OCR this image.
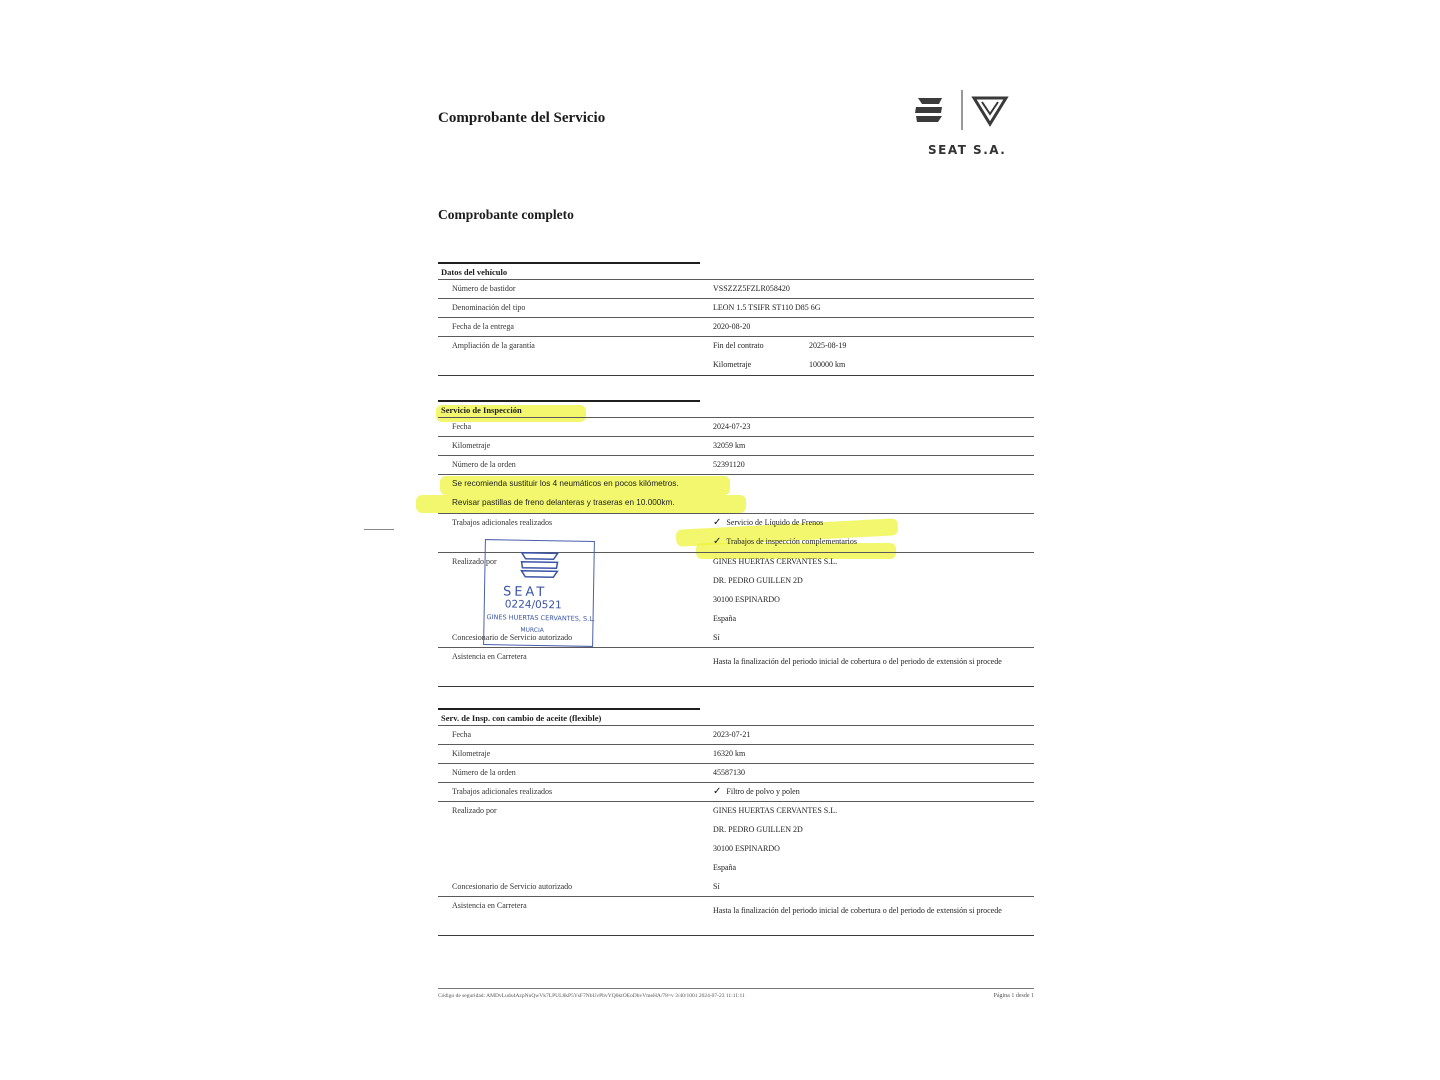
Comprobante del Servicio
SEAT S.A.
Comprobante completo
Datos del vehículo
Número de bastidor	VSSZZZ5FZLR058420
Denominación del tipo	LEON 1.5 TSIFR ST110 D85 6G
Fecha de la entrega	2020-08-20
Ampliación de la garantía	Fin del contrato	2025-08-19
Kilometraje	100000 km
Servicio de Inspección
Fecha	2024-07-23
Kilometraje	32059 km
Número de la orden	52391120
Se recomienda sustituir los 4 neumáticos en pocos kilómetros.
Revisar pastillas de freno delanteras y traseras en 10.000km.
Trabajos adicionales realizados	✓ Servicio de Líquido de Frenos
✓ Trabajos de inspección complementarios
Realizado por	GINES HUERTAS CERVANTES S.L.
DR. PEDRO GUILLEN 2D
30100 ESPINARDO
España
Concesionario de Servicio autorizado	Sí
Asistencia en Carretera
Hasta la finalización del periodo inicial de cobertura o del periodo de extensión si procede
SEAT
0224/0521
GINES HUERTAS CERVANTES, S.L.
MURCIA
Serv. de Insp. con cambio de aceite (flexible)
Fecha	2023-07-21
Kilometraje	16320 km
Número de la orden	45587130
Trabajos adicionales realizados	✓ Filtro de polvo y polen
Realizado por	GINES HUERTAS CERVANTES S.L.
DR. PEDRO GUILLEN 2D
30100 ESPINARDO
España
Concesionario de Servicio autorizado	Sí
Asistencia en Carretera
Hasta la finalización del periodo inicial de cobertura o del periodo de extensión si procede
Código de seguridad: AMDvLuds4AzpNuQwVk7LPUL8kP5YsF7NbUvPbvYQ6ktOEoDhvVmeHA/78=v 3/40/1001 2024-07-23 11:11:11	Página 1 desde 1
